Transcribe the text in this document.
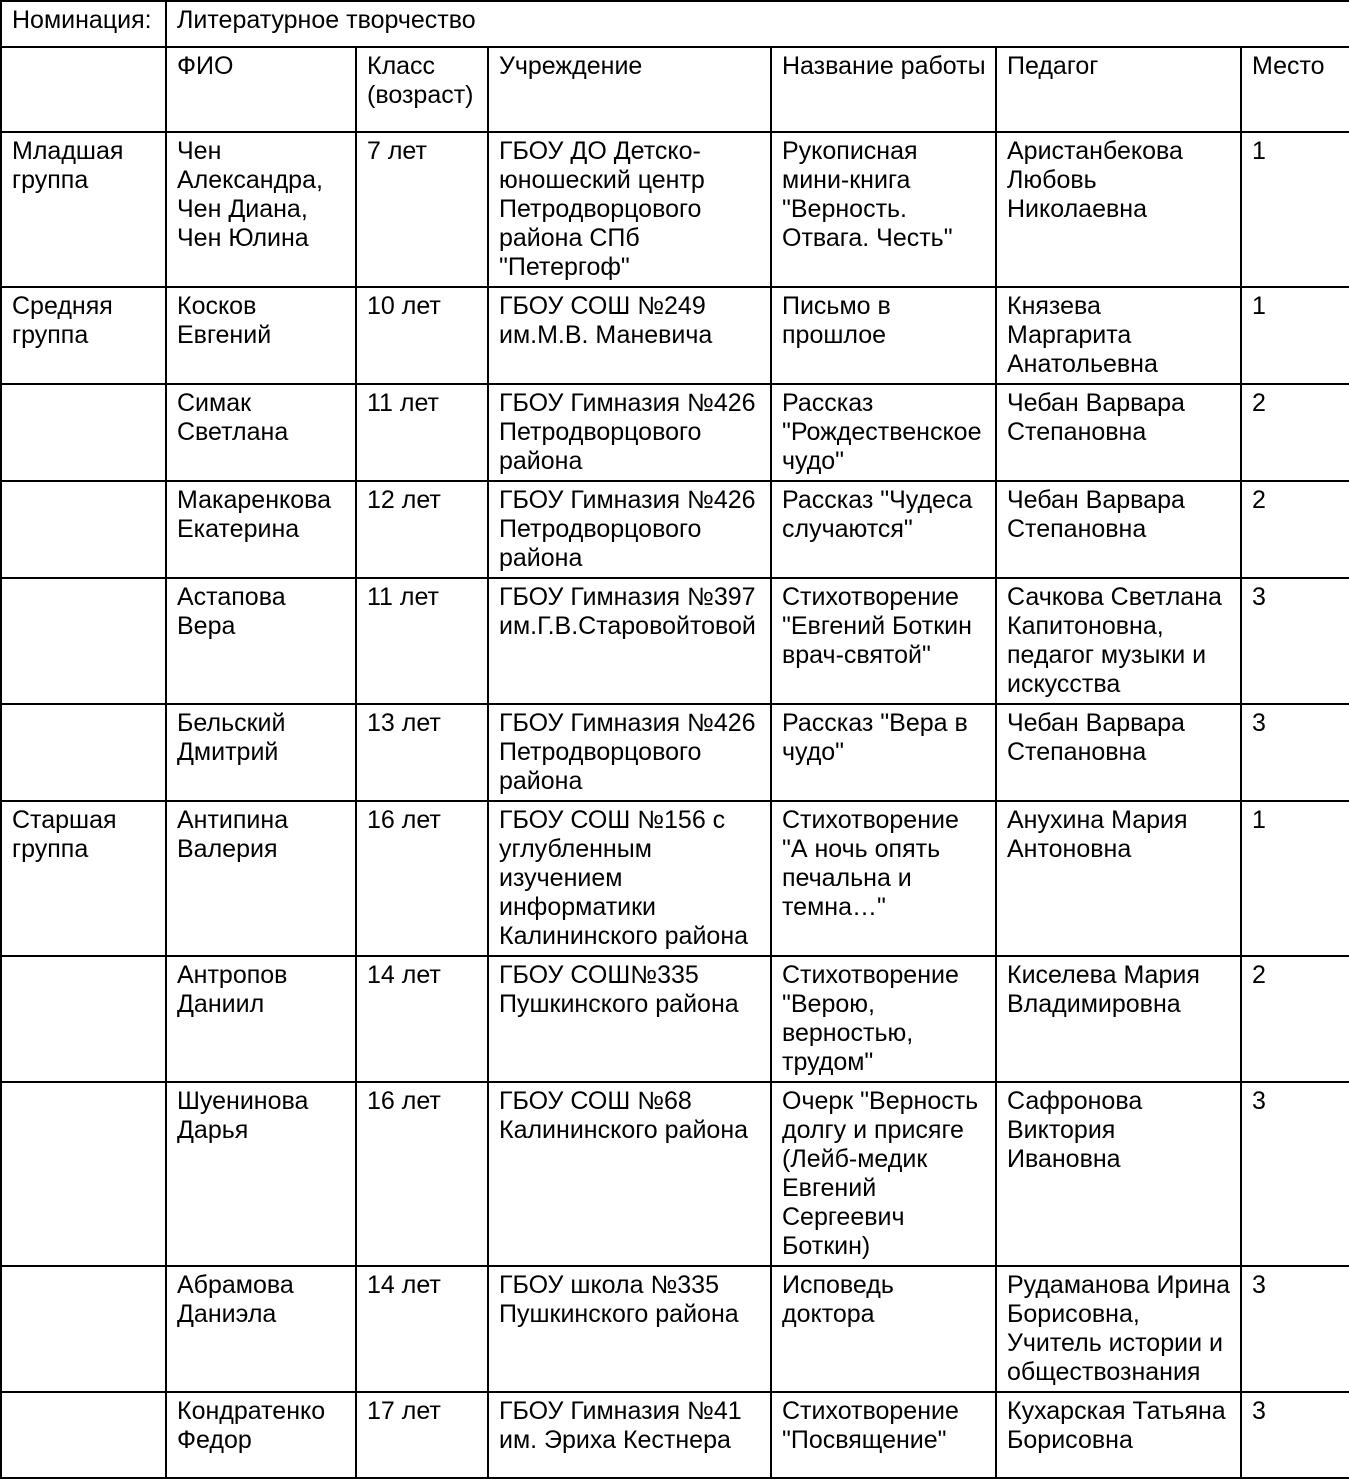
Номинация:	Литературное творчество					
	ФИО	Класс (возраст)	Учреждение	Название работы	Педагог	Место
Младшая группа	Чен Александра, Чен Диана, Чен Юлина	7 лет	ГБОУ ДО Детско-юношеский центр Петродворцового района СПб "Петергоф"	Рукописная мини-книга "Верность. Отвага. Честь"	Аристанбекова Любовь Николаевна	1
Средняя группа	Косков Евгений	10 лет	ГБОУ СОШ №249 им.М.В. Маневича	Письмо в прошлое	Князева Маргарита Анатольевна	1
	Симак Светлана	11 лет	ГБОУ Гимназия №426 Петродворцового района	Рассказ "Рождественское чудо"	Чебан Варвара Степановна	2
	Макаренкова Екатерина	12 лет	ГБОУ Гимназия №426 Петродворцового района	Рассказ "Чудеса случаются"	Чебан Варвара Степановна	2
	Астапова Вера	11 лет	ГБОУ Гимназия №397 им.Г.В.Старовойтовой	Стихотворение "Евгений Боткин врач-святой"	Сачкова Светлана Капитоновна, педагог музыки и искусства	3
	Бельский Дмитрий	13 лет	ГБОУ Гимназия №426 Петродворцового района	Рассказ "Вера в чудо"	Чебан Варвара Степановна	3
Старшая группа	Антипина Валерия	16 лет	ГБОУ СОШ №156 с углубленным изучением информатики Калининского района	Стихотворение "А ночь опять печальна и темна…"	Анухина Мария Антоновна	1
	Антропов Даниил	14 лет	ГБОУ СОШ№335 Пушкинского района	Стихотворение "Верою, верностью, трудом"	Киселева Мария Владимировна	2
	Шуенинова Дарья	16 лет	ГБОУ СОШ №68 Калининского района	Очерк "Верность долгу и присяге (Лейб-медик Евгений Сергеевич Боткин)	Сафронова Виктория Ивановна	3
	Абрамова Даниэла	14 лет	ГБОУ школа №335 Пушкинского района	Исповедь доктора	Рудаманова Ирина Борисовна, Учитель истории и обществознания	3
	Кондратенко Федор	17 лет	ГБОУ Гимназия №41 им. Эриха Кестнера	Стихотворение "Посвящение"	Кухарская Татьяна Борисовна	3
